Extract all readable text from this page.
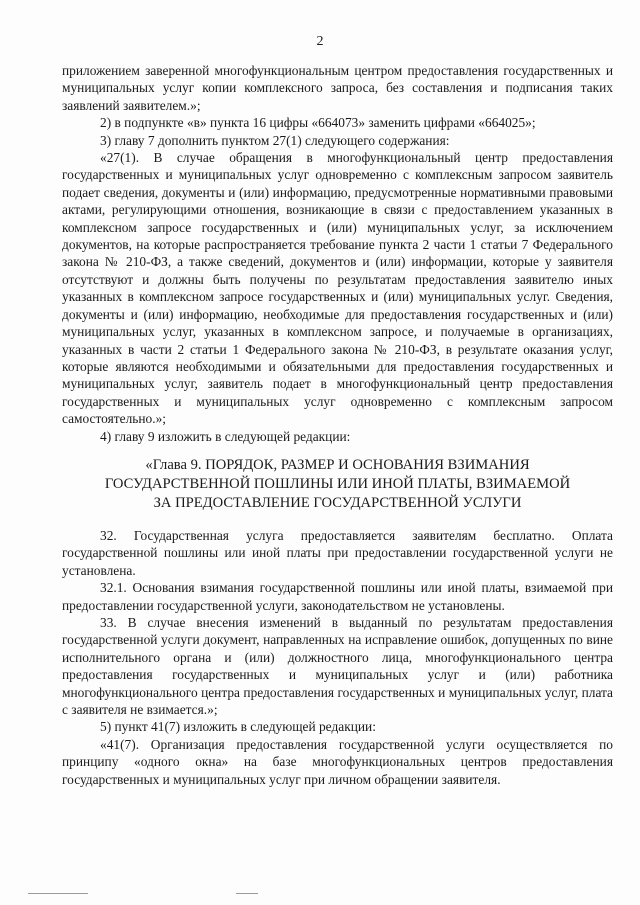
2

приложением заверенной многофункциональным центром предоставления государственных и муниципальных услуг копии комплексного запроса, без составления и подписания таких заявлений заявителем.»;

2) в подпункте «в» пункта 16 цифры «664073» заменить цифрами «664025»;

3) главу 7 дополнить пунктом 27(1) следующего содержания:

«27(1). В случае обращения в многофункциональный центр предоставления государственных и муниципальных услуг одновременно с комплексным запросом заявитель подает сведения, документы и (или) информацию, предусмотренные нормативными правовыми актами, регулирующими отношения, возникающие в связи с предоставлением указанных в комплексном запросе государственных и (или) муниципальных услуг, за исключением документов, на которые распространяется требование пункта 2 части 1 статьи 7 Федерального закона № 210-ФЗ, а также сведений, документов и (или) информации, которые у заявителя отсутствуют и должны быть получены по результатам предоставления заявителю иных указанных в комплексном запросе государственных и (или) муниципальных услуг. Сведения, документы и (или) информацию, необходимые для предоставления государственных и (или) муниципальных услуг, указанных в комплексном запросе, и получаемые в организациях, указанных в части 2 статьи 1 Федерального закона № 210-ФЗ, в результате оказания услуг, которые являются необходимыми и обязательными для предоставления государственных и муниципальных услуг, заявитель подает в многофункциональный центр предоставления государственных и муниципальных услуг одновременно с комплексным запросом самостоятельно.»;

4) главу 9 изложить в следующей редакции:

«Глава 9. ПОРЯДОК, РАЗМЕР И ОСНОВАНИЯ ВЗИМАНИЯ
ГОСУДАРСТВЕННОЙ ПОШЛИНЫ ИЛИ ИНОЙ ПЛАТЫ, ВЗИМАЕМОЙ
ЗА ПРЕДОСТАВЛЕНИЕ ГОСУДАРСТВЕННОЙ УСЛУГИ

32. Государственная услуга предоставляется заявителям бесплатно. Оплата государственной пошлины или иной платы при предоставлении государственной услуги не установлена.

32.1. Основания взимания государственной пошлины или иной платы, взимаемой при предоставлении государственной услуги, законодательством не установлены.

33. В случае внесения изменений в выданный по результатам предоставления государственной услуги документ, направленных на исправление ошибок, допущенных по вине исполнительного органа и (или) должностного лица, многофункционального центра предоставления государственных и муниципальных услуг и (или) работника многофункционального центра предоставления государственных и муниципальных услуг, плата с заявителя не взимается.»;

5) пункт 41(7) изложить в следующей редакции:

«41(7). Организация предоставления государственной услуги осуществляется по принципу «одного окна» на базе многофункциональных центров предоставления государственных и муниципальных услуг при личном обращении заявителя.
